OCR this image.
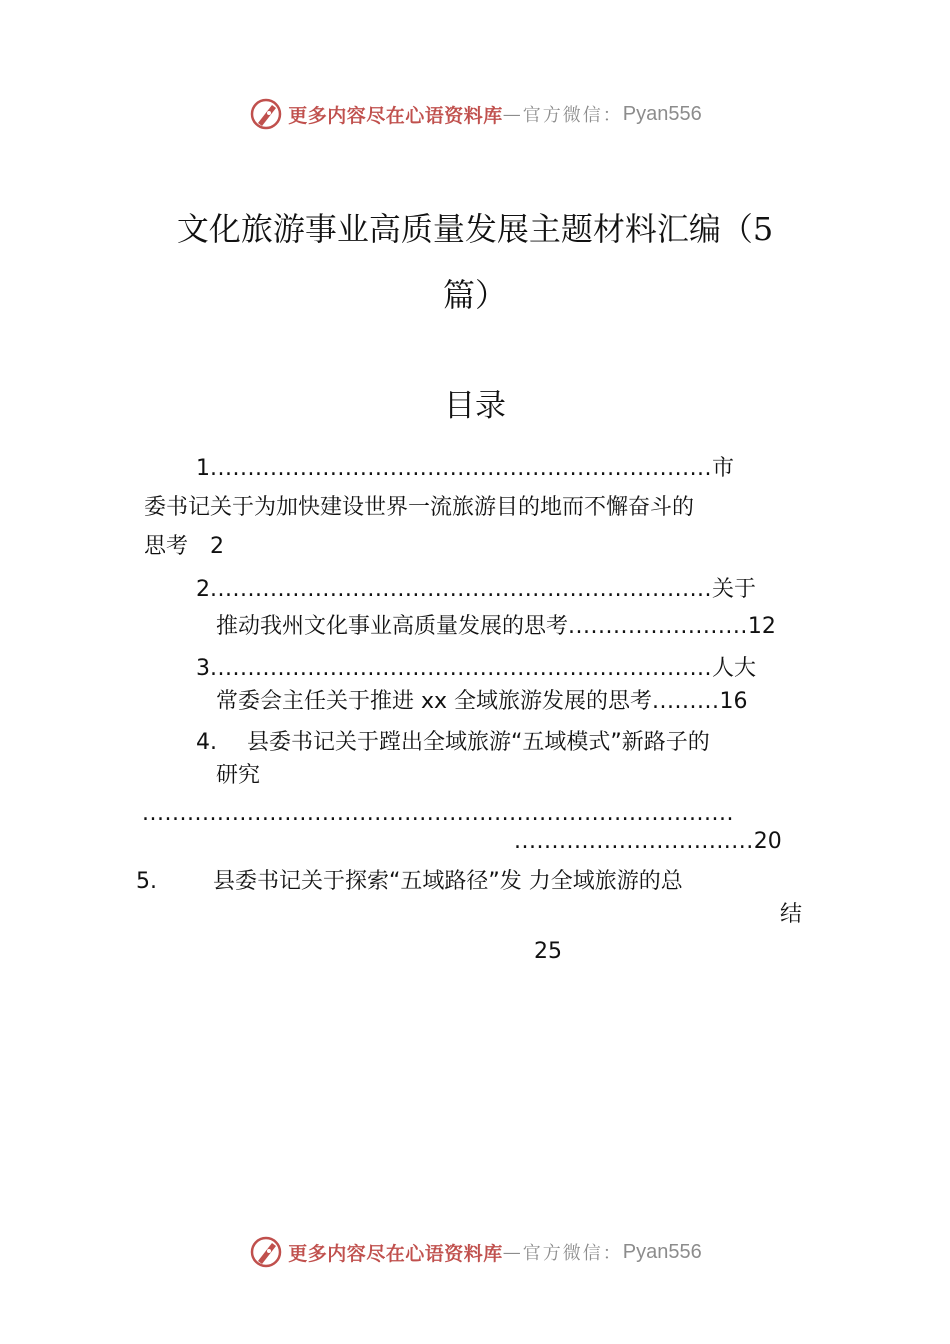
更多内容尽在心语资料库 — 官方微信： Pyan556
文化旅游事业高质量发展主题材料汇编（5
篇）
目录
1...................................................................市
委书记关于为加快建设世界一流旅游目的地而不懈奋斗的
思考 2
2...................................................................关于
推动我州文化事业高质量发展的思考........................12
3...................................................................人大
常委会主任关于推进 xx 全域旅游发展的思考.........16
4. 县委书记关于蹚出全域旅游“五域模式”新路子的
研究
...............................................................................
................................20
5.	县委书记关于探索“五域路径”发 力全域旅游的总
结
25
更多内容尽在心语资料库 — 官方微信： Pyan556
